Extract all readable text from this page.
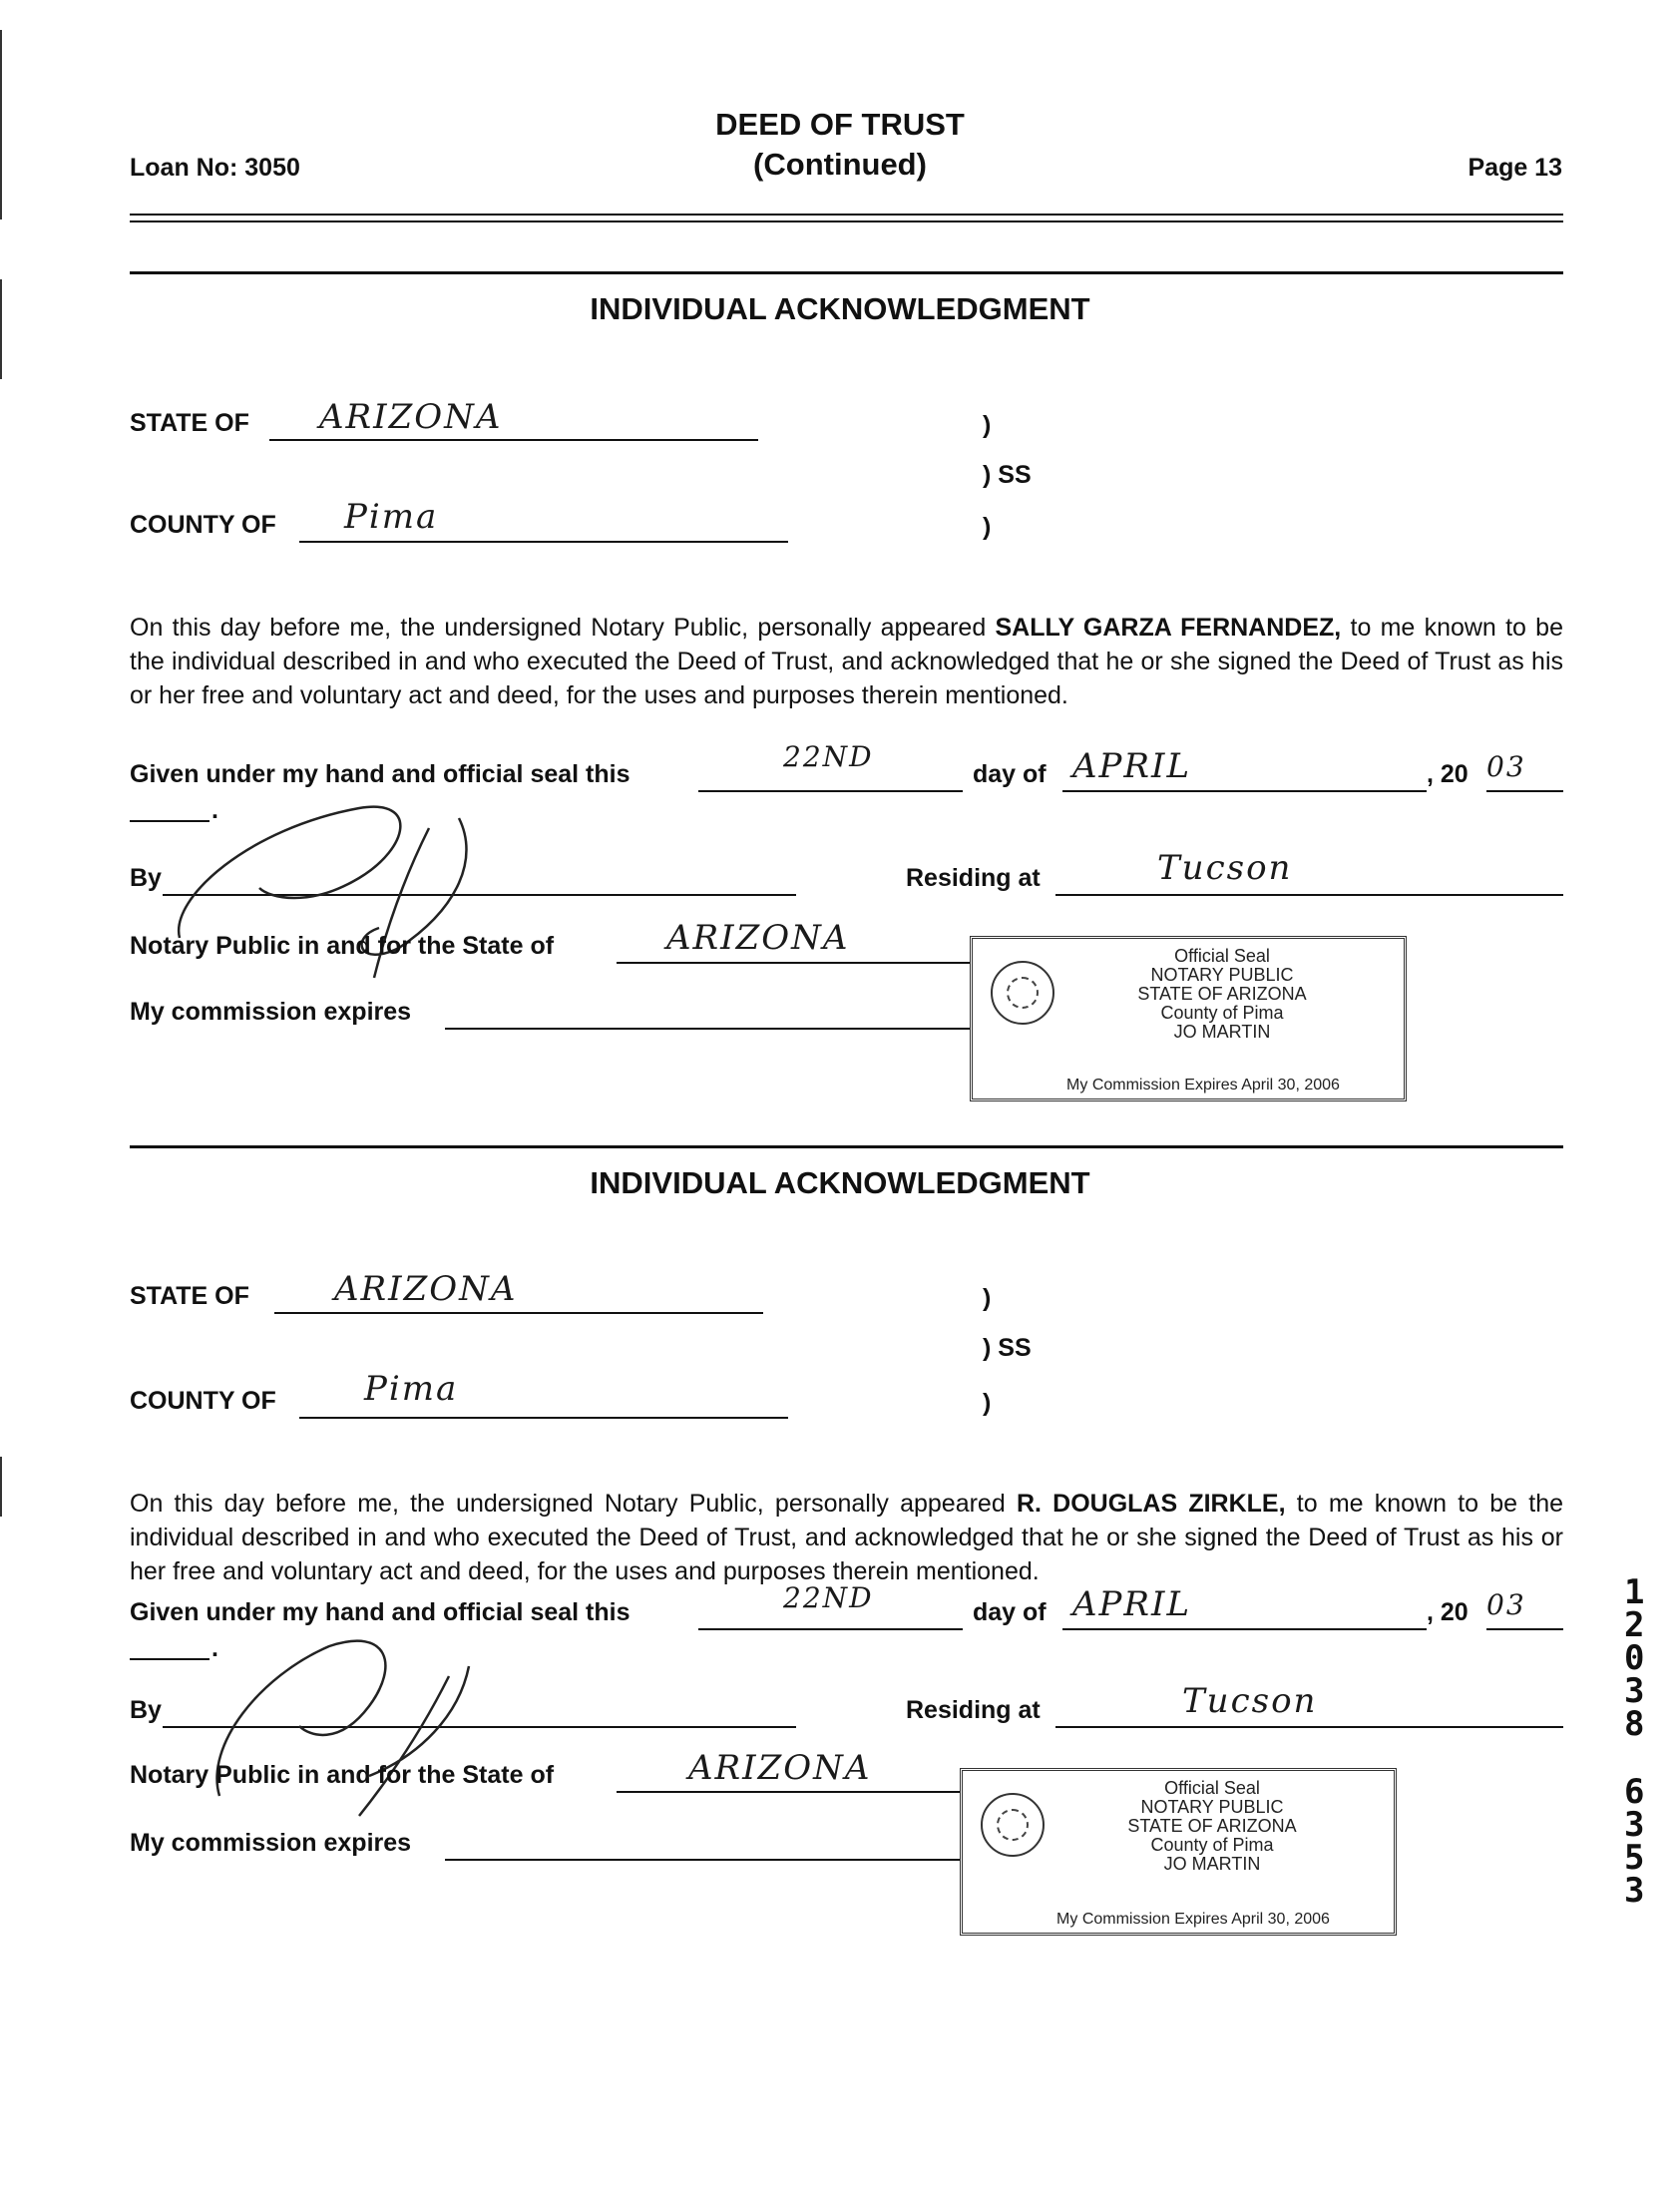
DEED OF TRUST
(Continued)
Loan No: 3050	Page 13
INDIVIDUAL ACKNOWLEDGMENT
STATE OF ARIZONA	)
) SS
COUNTY OF Pima	)
On this day before me, the undersigned Notary Public, personally appeared SALLY GARZA FERNANDEZ, to me known to be the individual described in and who executed the Deed of Trust, and acknowledged that he or she signed the Deed of Trust as his or her free and voluntary act and deed, for the uses and purposes therein mentioned.
Given under my hand and official seal this
22ND
day of APRIL	, 20 03
.
By	Residing at	Tucson
Notary Public in and for the State of	ARIZONA
My commission expires
Official Seal
NOTARY PUBLIC
STATE OF ARIZONA
County of Pima
JO MARTIN
My Commission Expires April 30, 2006
INDIVIDUAL ACKNOWLEDGMENT
STATE OF	ARIZONA	)
) SS
COUNTY OF	Pima	)
On this day before me, the undersigned Notary Public, personally appeared R. DOUGLAS ZIRKLE, to me known to be the individual described in and who executed the Deed of Trust, and acknowledged that he or she signed the Deed of Trust as his or her free and voluntary act and deed, for the uses and purposes therein mentioned.
Given under my hand and official seal this	22ND	day of APRIL	, 20 03
.
By	Residing at	Tucson
Notary Public in and for the State of	ARIZONA
My commission expires
Official Seal
NOTARY PUBLIC
STATE OF ARIZONA
County of Pima
JO MARTIN
My Commission Expires April 30, 2006
1
2
0
3
8
6
3
5
3
